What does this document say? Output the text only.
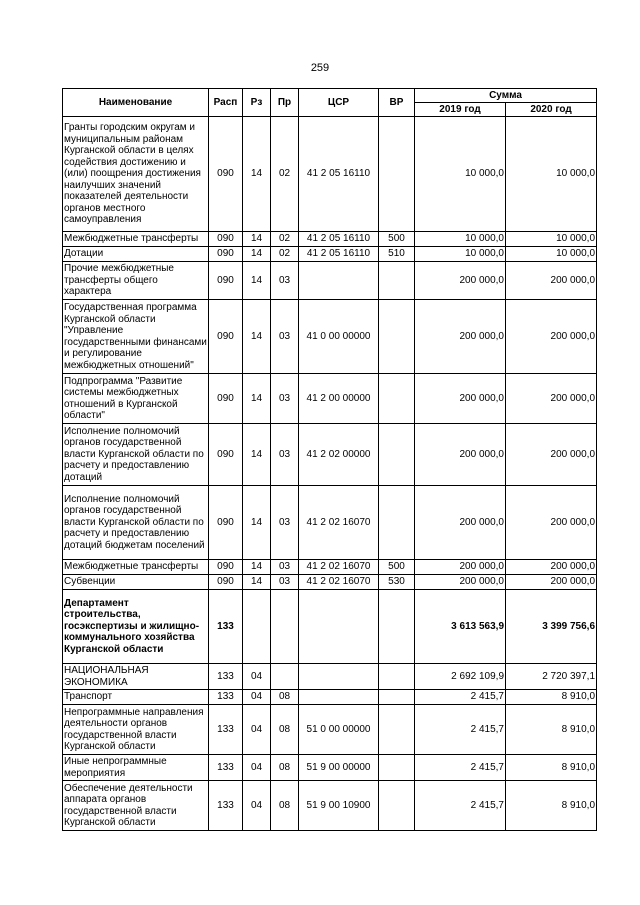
259
Наименование	Расп	Рз	Пр	ЦСР	ВР	Сумма	
						2019 год	2020 год
Гранты городским округам и муниципальным районам Курганской области в целях содействия достижению и (или) поощрения достижения наилучших значений показателей деятельности органов местного самоуправления	090	14	02	41 2 05 16110		10 000,0	10 000,0
Межбюджетные трансферты	090	14	02	41 2 05 16110	500	10 000,0	10 000,0
Дотации	090	14	02	41 2 05 16110	510	10 000,0	10 000,0
Прочие межбюджетные трансферты общего характера	090	14	03			200 000,0	200 000,0
Государственная программа Курганской области "Управление государственными финансами и регулирование межбюджетных отношений"	090	14	03	41 0 00 00000		200 000,0	200 000,0
Подпрограмма "Развитие системы межбюджетных отношений в Курганской области"	090	14	03	41 2 00 00000		200 000,0	200 000,0
Исполнение полномочий органов государственной власти Курганской области по расчету и предоставлению дотаций	090	14	03	41 2 02 00000		200 000,0	200 000,0
Исполнение полномочий органов государственной власти Курганской области по расчету и предоставлению дотаций бюджетам поселений	090	14	03	41 2 02 16070		200 000,0	200 000,0
Межбюджетные трансферты	090	14	03	41 2 02 16070	500	200 000,0	200 000,0
Субвенции	090	14	03	41 2 02 16070	530	200 000,0	200 000,0
Департамент строительства, госэкспертизы и жилищно-коммунального хозяйства Курганской области	133					3 613 563,9	3 399 756,6
НАЦИОНАЛЬНАЯ ЭКОНОМИКА	133	04				2 692 109,9	2 720 397,1
Транспорт	133	04	08			2 415,7	8 910,0
Непрограммные направления деятельности органов государственной власти Курганской области	133	04	08	51 0 00 00000		2 415,7	8 910,0
Иные непрограммные мероприятия	133	04	08	51 9 00 00000		2 415,7	8 910,0
Обеспечение деятельности аппарата органов государственной власти Курганской области	133	04	08	51 9 00 10900		2 415,7	8 910,0
